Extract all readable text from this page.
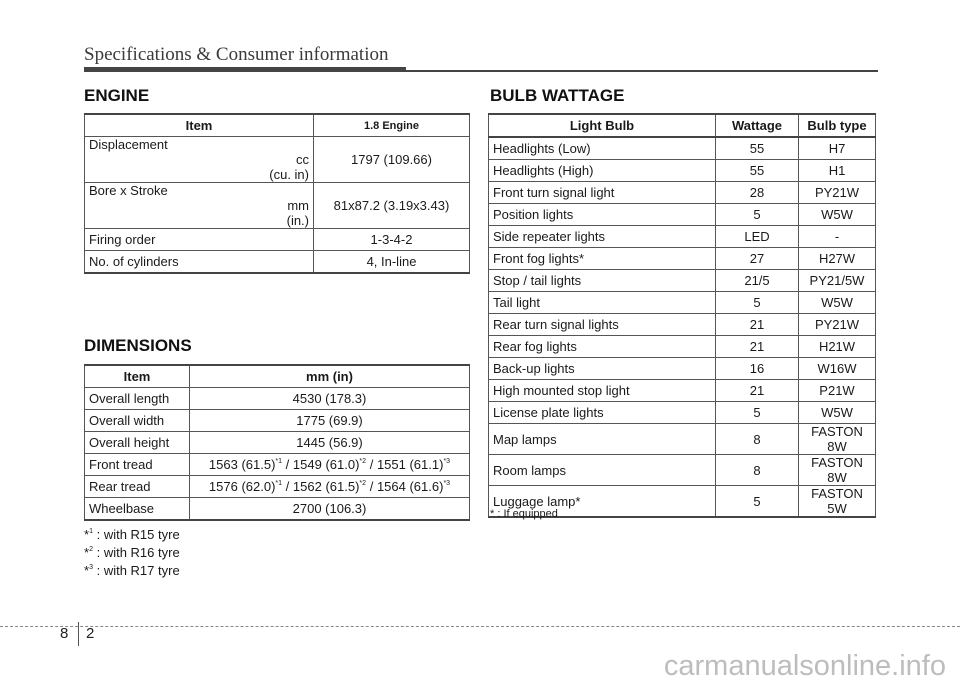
Specifications & Consumer information
ENGINE
Item	1.8 Engine
Displacement
cc
(cu. in)	1797 (109.66)
Bore x Stroke
mm
(in.)	81x87.2 (3.19x3.43)
Firing order	1-3-4-2
No. of cylinders	4, In-line
DIMENSIONS
Item	mm (in)
Overall length	4530 (178.3)
Overall width	1775 (69.9)
Overall height	1445 (56.9)
Front tread	1563 $(61.5)^{*1} / 1549$ $(61.0)^{*2} / 1551$ $(61.1)^{*3}$
Rear tread	1576 $(62.0)^{*1} / 1562$ $(61.5)^{*2} / 1564$ $(61.6)^{*3}$
Wheelbase	2700 (106.3)
*$^1$ : with R15 tyre
*$^2$ : with R16 tyre
*$^3$ : with R17 tyre
BULB WATTAGE
Light Bulb	Wattage	Bulb type
Headlights (Low)	55	H7
Headlights (High)	55	H1
Front turn signal light	28	PY21W
Position lights	5	W5W
Side repeater lights	LED	-
Front fog lights*	27	H27W
Stop / tail lights	21/5	PY21/5W
Tail light	5	W5W
Rear turn signal lights	21	PY21W
Rear fog lights	21	H21W
Back-up lights	16	W16W
High mounted stop light	21	P21W
License plate lights	5	W5W
Map lamps	8	FASTON 8W
Room lamps	8	FASTON 8W
Luggage lamp*	5	FASTON 5W
* : If equipped
8 2
carmanualsonline.info
